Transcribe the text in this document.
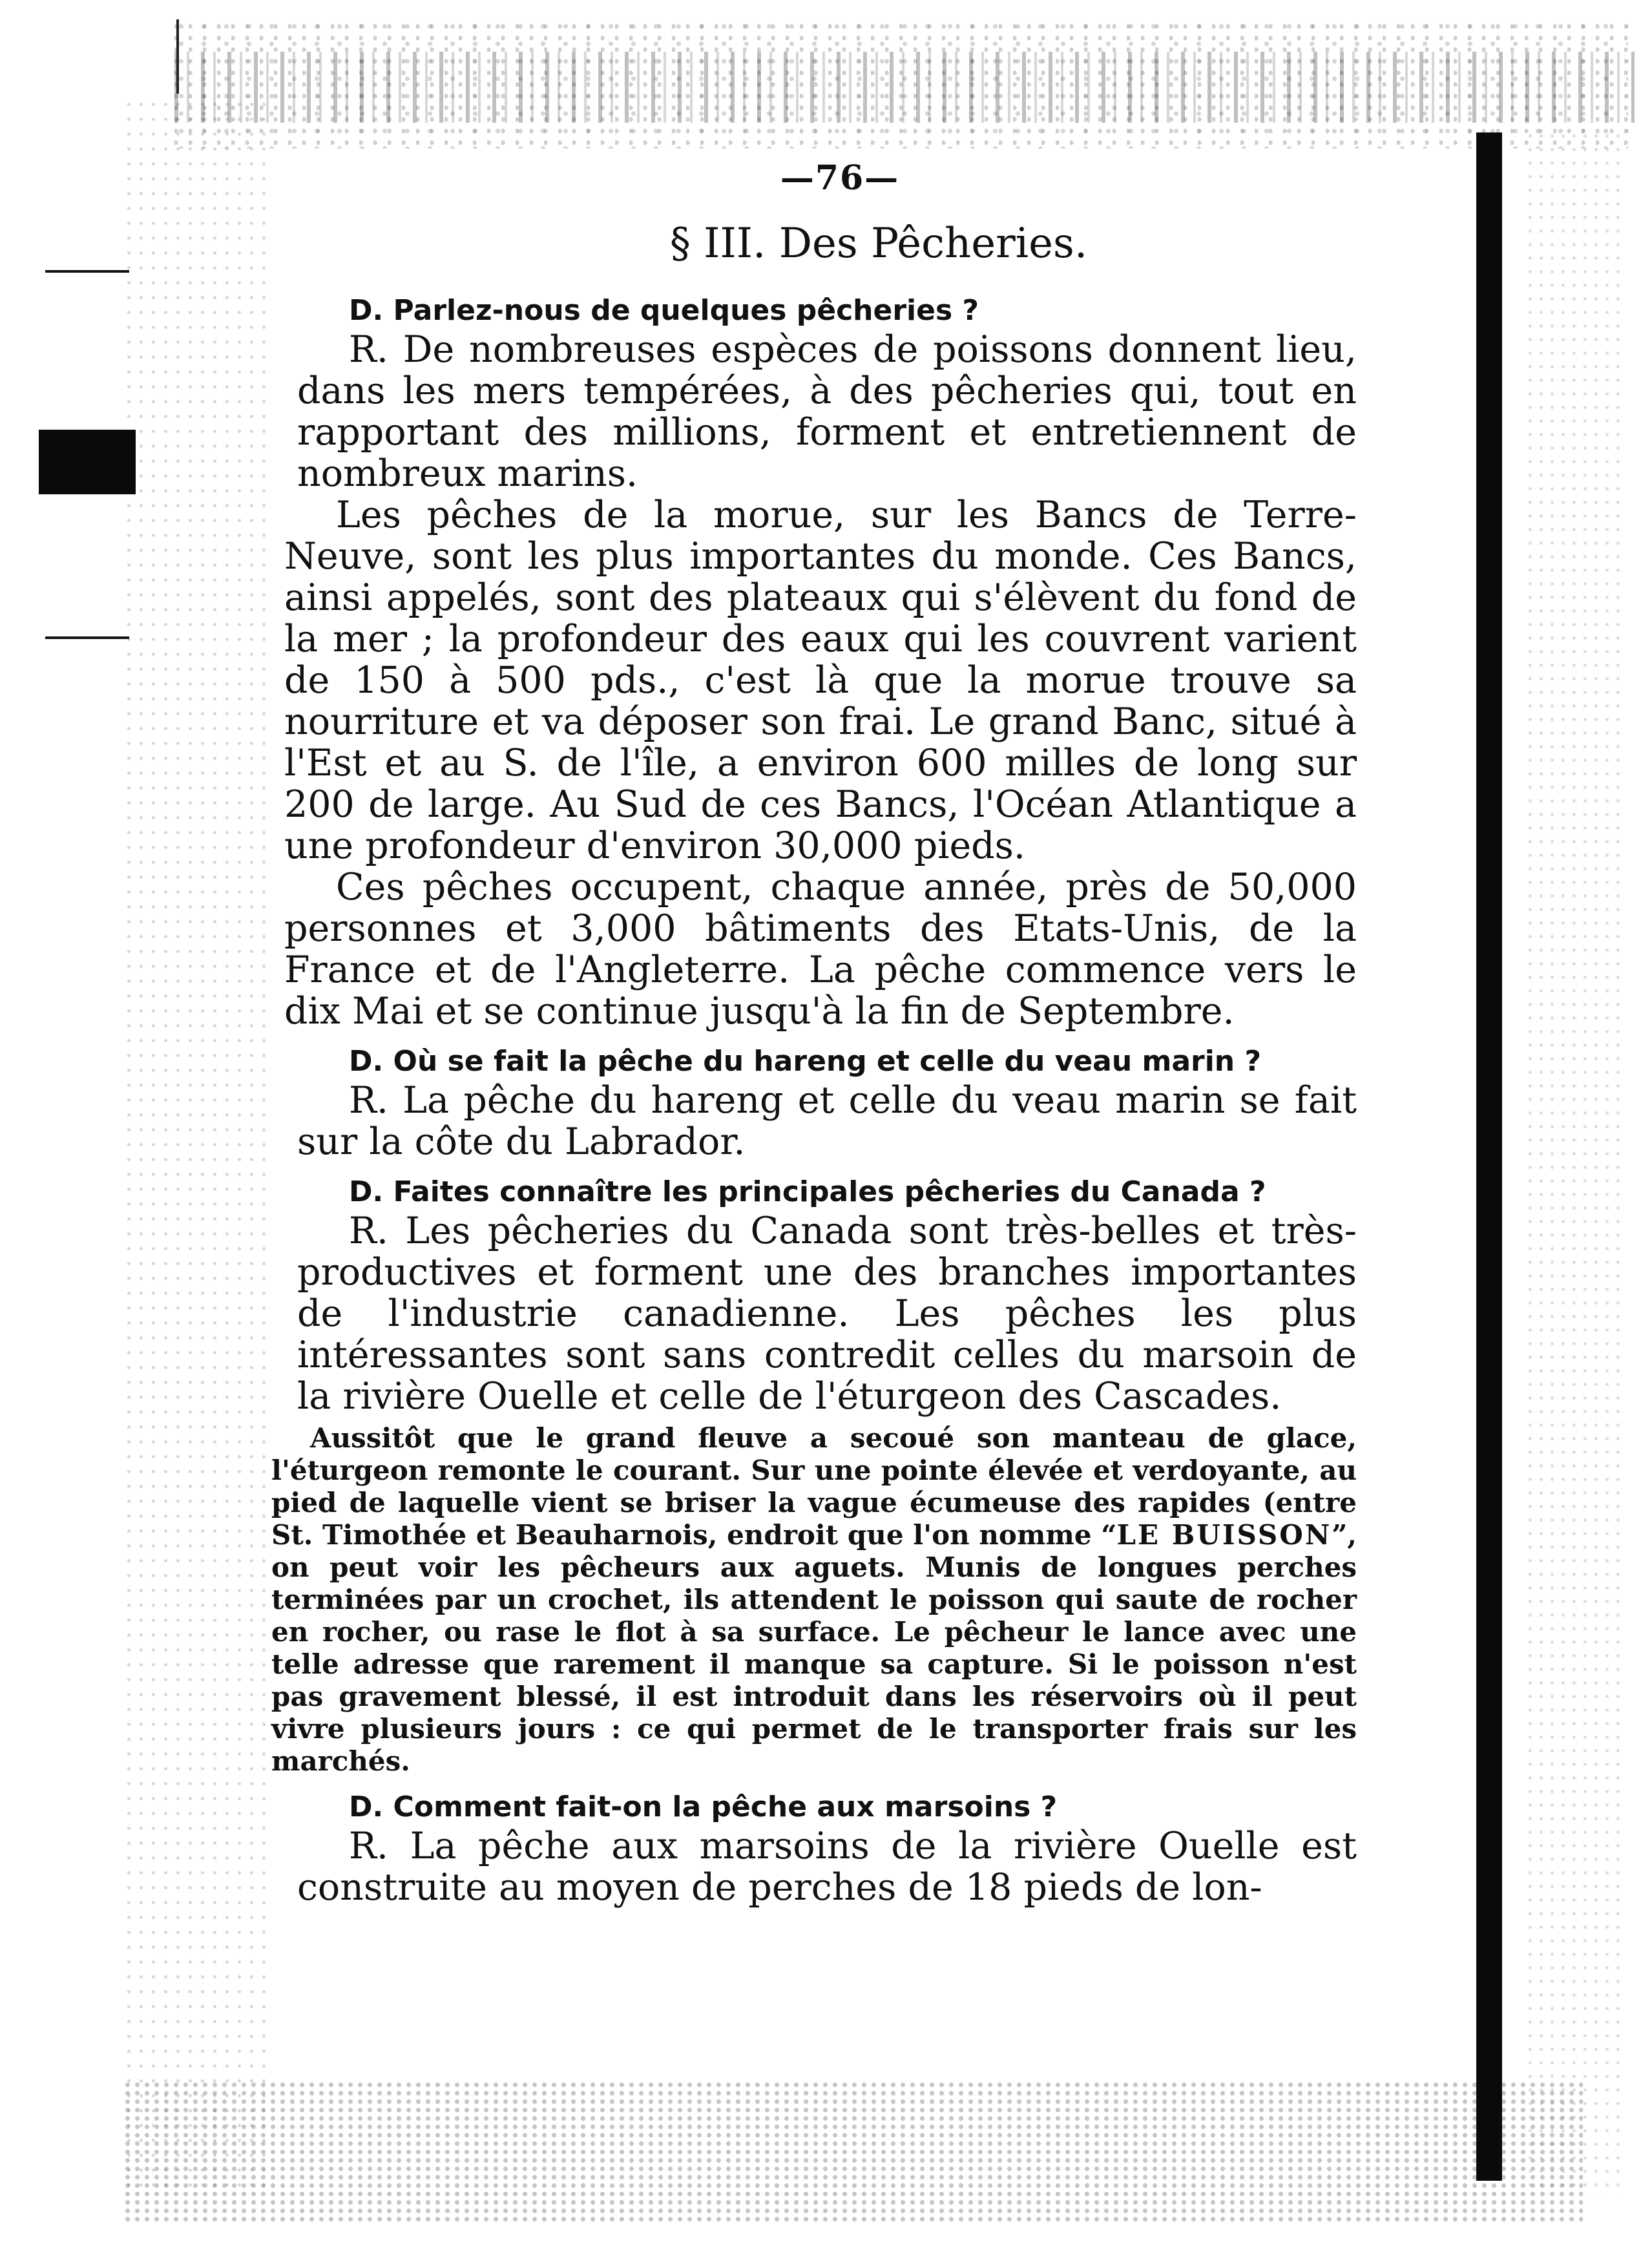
—76—
§ III. Des Pêcheries.

D. Parlez-nous de quelques pêcheries ?

R. De nombreuses espèces de poissons donnent lieu, dans les mers tempérées, à des pêcheries qui, tout en rapportant des millions, forment et entretiennent de nombreux marins.

Les pêches de la morue, sur les Bancs de Terre-Neuve, sont les plus importantes du monde. Ces Bancs, ainsi appelés, sont des plateaux qui s'élèvent du fond de la mer ; la profondeur des eaux qui les couvrent varient de 150 à 500 pds., c'est là que la morue trouve sa nourriture et va déposer son frai. Le grand Banc, situé à l'Est et au S. de l'île, a environ 600 milles de long sur 200 de large. Au Sud de ces Bancs, l'Océan Atlantique a une profondeur d'environ 30,000 pieds.

Ces pêches occupent, chaque année, près de 50,000 personnes et 3,000 bâtiments des Etats-Unis, de la France et de l'Angleterre. La pêche commence vers le dix Mai et se continue jusqu'à la fin de Septembre.

D. Où se fait la pêche du hareng et celle du veau marin ?

R. La pêche du hareng et celle du veau marin se fait sur la côte du Labrador.

D. Faites connaître les principales pêcheries du Canada ?

R. Les pêcheries du Canada sont très-belles et très-productives et forment une des branches importantes de l'industrie canadienne. Les pêches les plus intéressantes sont sans contredit celles du marsoin de la rivière Ouelle et celle de l'éturgeon des Cascades.

Aussitôt que le grand fleuve a secoué son manteau de glace, l'éturgeon remonte le courant. Sur une pointe élevée et verdoyante, au pied de laquelle vient se briser la vague écumeuse des rapides (entre St. Timothée et Beauharnois, endroit que l'on nomme “LE BUISSON”, on peut voir les pêcheurs aux aguets. Munis de longues perches terminées par un crochet, ils attendent le poisson qui saute de rocher en rocher, ou rase le flot à sa surface. Le pêcheur le lance avec une telle adresse que rarement il manque sa capture. Si le poisson n'est pas gravement blessé, il est introduit dans les réservoirs où il peut vivre plusieurs jours : ce qui permet de le transporter frais sur les marchés.

D. Comment fait-on la pêche aux marsoins ?

R. La pêche aux marsoins de la rivière Ouelle est construite au moyen de perches de 18 pieds de lon-
